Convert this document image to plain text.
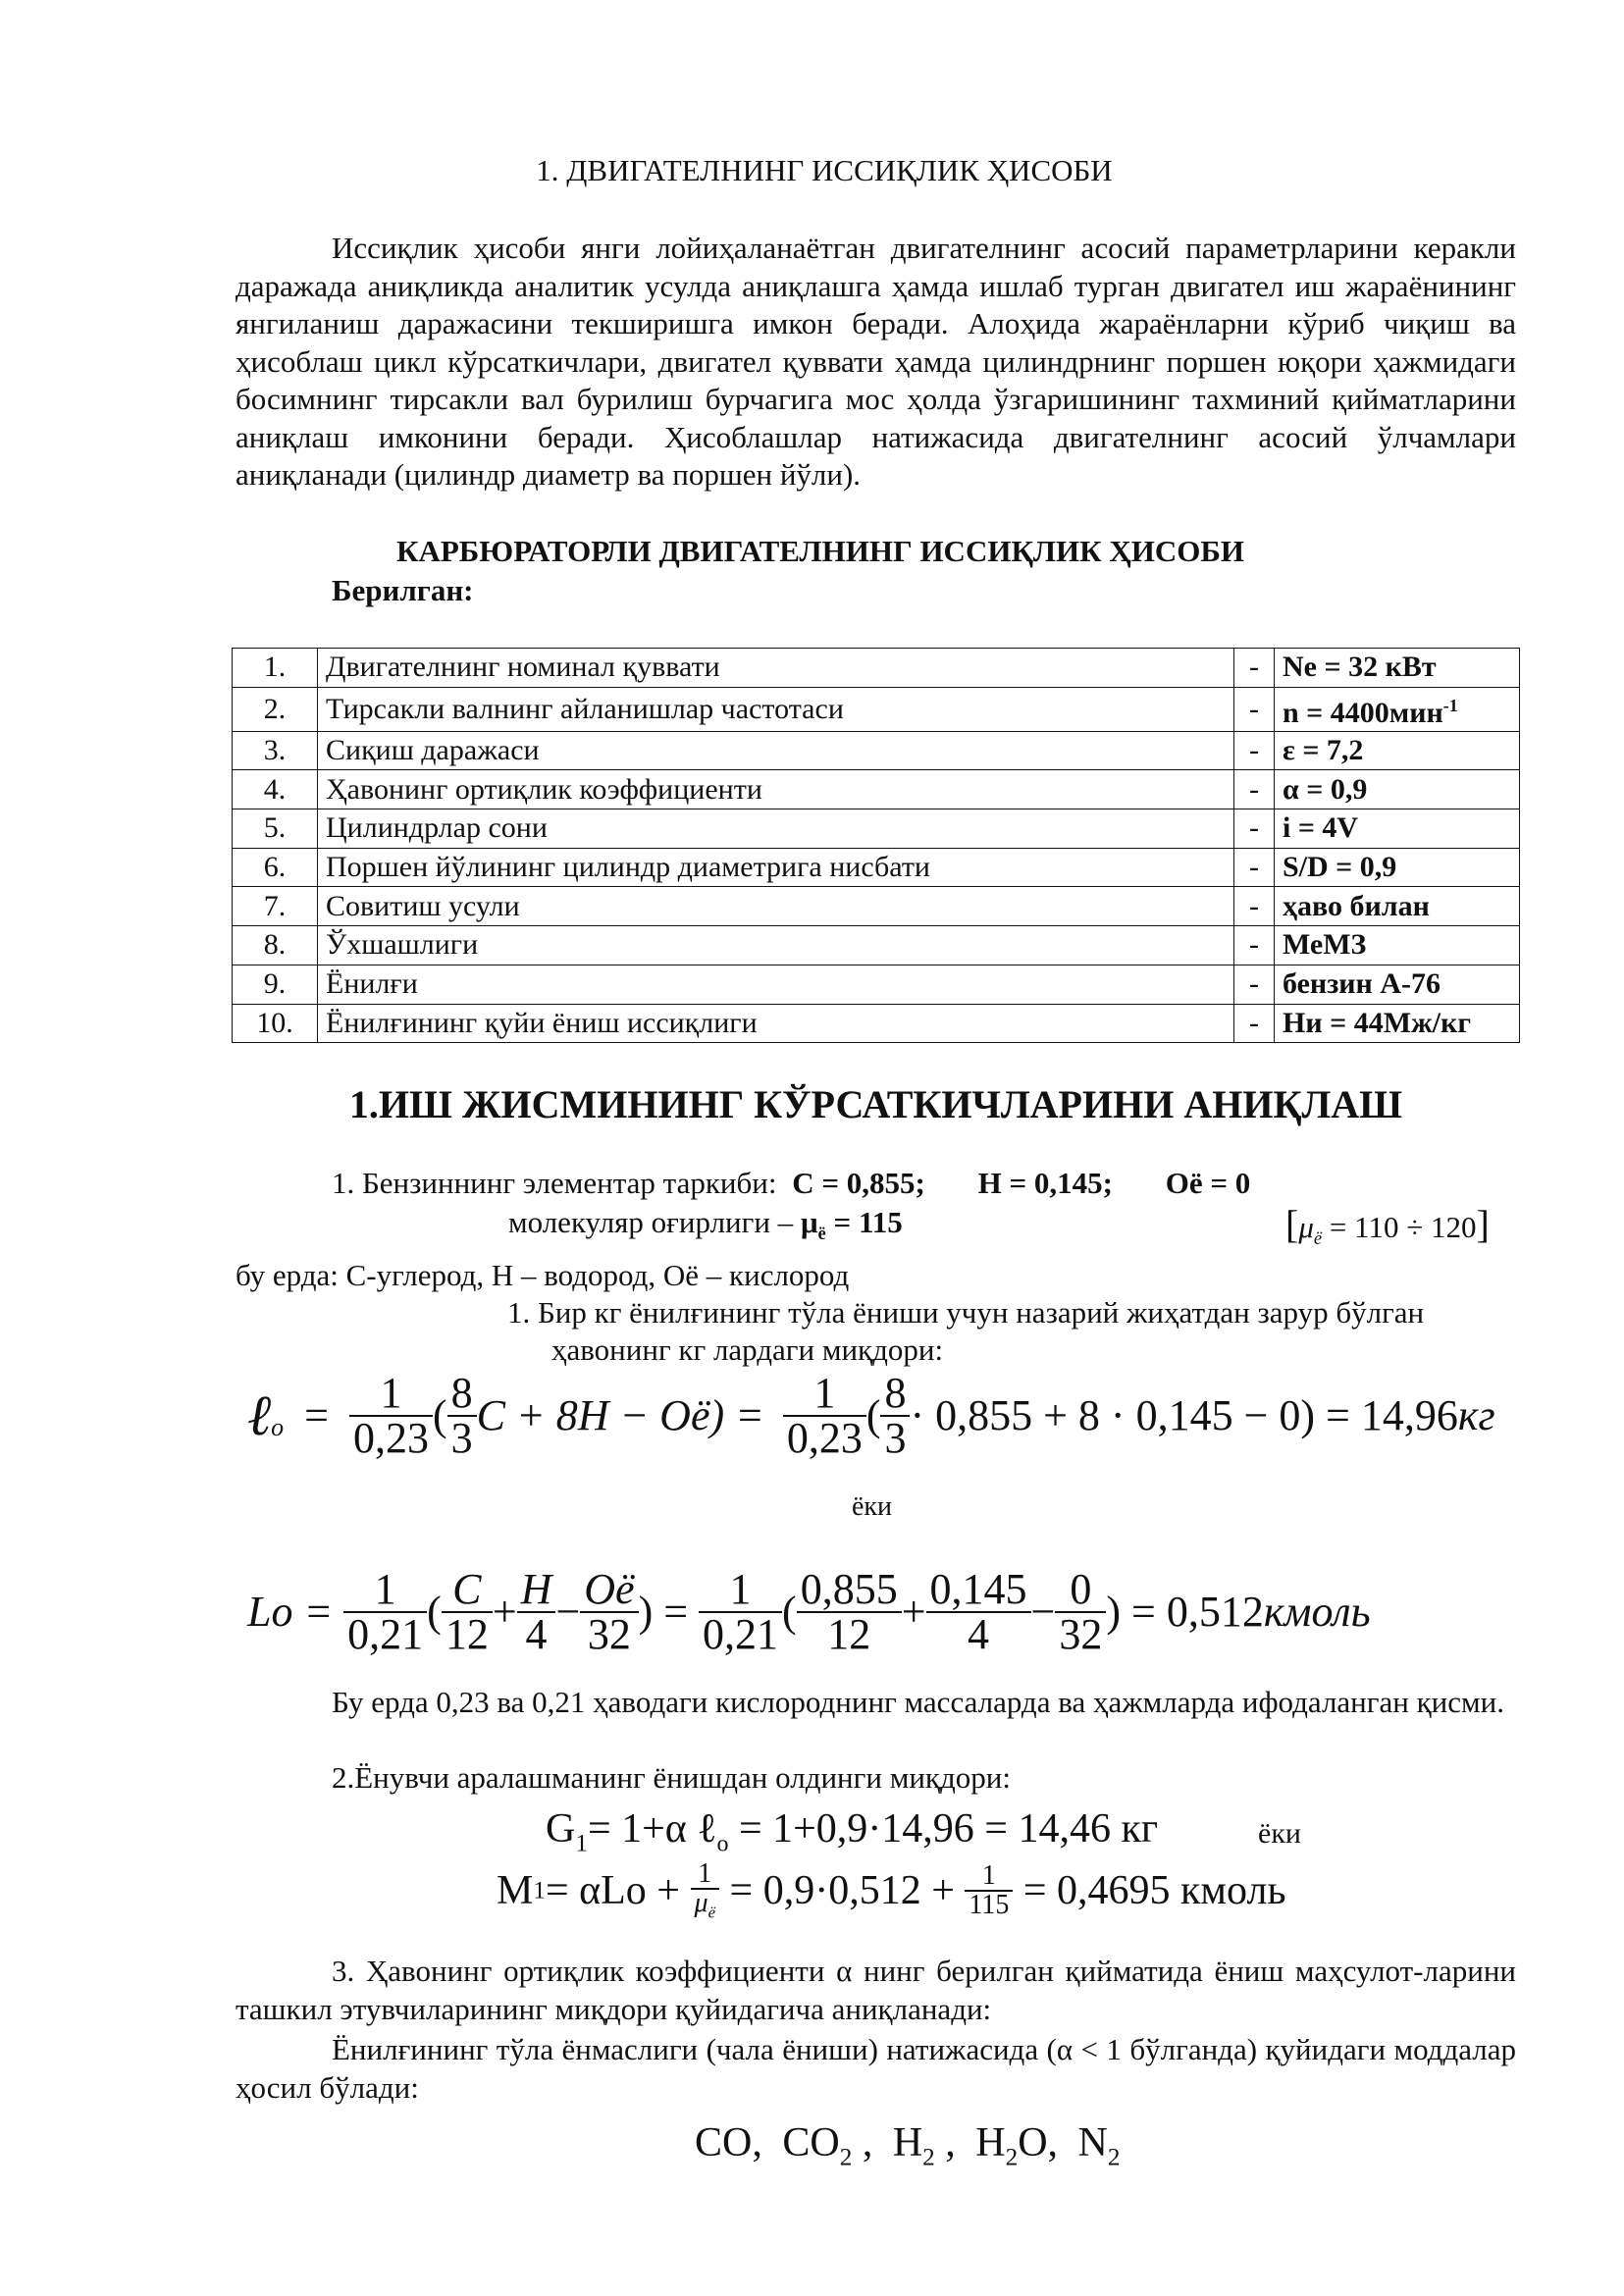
1. ДВИГАТЕЛНИНГ ИССИҚЛИК ҲИСОБИ
Иссиқлик ҳисоби янги лойиҳаланаётган двигателнинг асосий параметрларини керакли даражада аниқликда аналитик усулда аниқлашга ҳамда ишлаб турган двигател иш жараёнининг янгиланиш даражасини текширишга имкон беради. Алоҳида жараёнларни кўриб чиқиш ва ҳисоблаш цикл кўрсаткичлари, двигател қуввати ҳамда цилиндрнинг поршен юқори ҳажмидаги босимнинг тирсакли вал бурилиш бурчагига мос ҳолда ўзгаришининг тахминий қийматларини аниқлаш имконини беради. Ҳисоблашлар натижасида двигателнинг асосий ўлчамлари аниқланади (цилиндр диаметр ва поршен йўли).
КАРБЮРАТОРЛИ ДВИГАТЕЛНИНГ ИССИҚЛИК ҲИСОБИ
Берилган:
1.	Двигателнинг номинал қуввати	-	Ne = 32 кВт
2.	Тирсакли валнинг айланишлар частотаси	-	n = 4400мин$^{-1}$
3.	Сиқиш даражаси	-	ε = 7,2
4.	Ҳавонинг ортиқлик коэффициенти	-	α = 0,9
5.	Цилиндрлар сони	-	i = 4V
6.	Поршен йўлининг цилиндр диаметрига нисбати	-	S/D = 0,9
7.	Совитиш усули	-	ҳаво билан
8.	Ўхшашлиги	-	МеМЗ
9.	Ёнилғи	-	бензин А-76
10.	Ёнилғининг қуйи ёниш иссиқлиги	-	Ни = 44Мж/кг
1.ИШ ЖИСМИНИНГ КЎРСАТКИЧЛАРИНИ АНИҚЛАШ
1. Бензиннинг элементар таркиби: C = 0,855; H = 0,145; Oё = 0
молекуляр оғирлиги – $\mu_ё = 115$	$[\mu_ё = 110 \div 120]$
бу ерда: С-углерод, Н – водород, Оё – кислород
1. Бир кг ёнилғининг тўла ёниши учун назарий жиҳатдан зарур бўлган
ҳавонинг кг лардаги миқдори:
ℓ$_o$ = $\frac{1}{0,23}$ ( $\frac{8}{3}$ $C + 8H - Oё) = \frac{1}{0,23}$ ( $\frac{8}{3} \cdot 0,855 + 8 \cdot 0,145 - 0) = 14,96кг$
ёки
$Lo = \frac{1}{0,21}$ ( $\frac{C}{12} + \frac{H}{4} - \frac{Oё}{32}$ ) = $\frac{1}{0,21}$ ( $\frac{0,855}{12} + \frac{0,145}{4} - \frac{0}{32}$ ) = 0,512кмоль
Бу ерда 0,23 ва 0,21 ҳаводаги кислороднинг массаларда ва ҳажмларда ифодаланган қисми.
2.Ёнувчи аралашманинг ёнишдан олдинги миқдори:
$G_1= 1+\alpha$ ℓ$_o$ = 1+0,9·14,96 = 14,46 кг	ёки
$M1= \alpha Lo + \frac{1}{\mu_ё} = 0,9\cdot 0,512 + \frac{1}{115} = 0,4695$ кмоль
3. Ҳавонинг ортиқлик коэффициенти α нинг берилган қийматида ёниш маҳсулот-ларини ташкил этувчиларининг миқдори қуйидагича аниқланади:
Ёнилғининг тўла ёнмаслиги (чала ёниши) натижасида (α < 1 бўлганда) қуйидаги моддалар ҳосил бўлади:
CO, $CO_2$ , $H_2$ , $H_2O$, $N_2$
